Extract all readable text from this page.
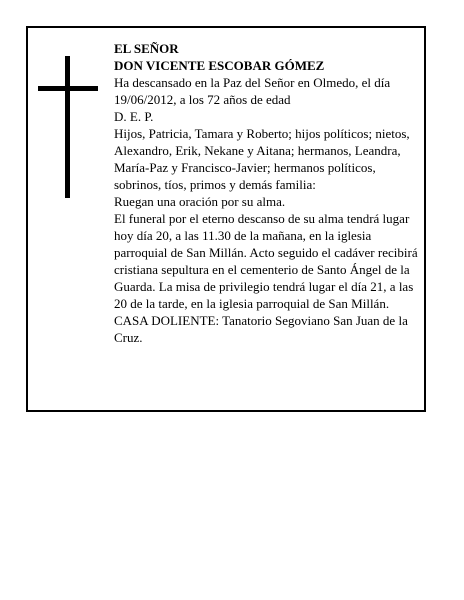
EL SEÑOR

DON VICENTE ESCOBAR GÓMEZ

Ha descansado en la Paz del Señor en Olmedo, el día 19/06/2012, a los 72 años de edad

D. E. P.

Hijos, Patricia, Tamara y Roberto; hijos políticos; nietos, Alexandro, Erik, Nekane y Aitana; hermanos, Leandra, María-Paz y Francisco-Javier; hermanos políticos, sobrinos, tíos, primos y demás familia:

Ruegan una oración por su alma.

El funeral por el eterno descanso de su alma tendrá lugar hoy día 20, a las 11.30 de la mañana, en la iglesia parroquial de San Millán. Acto seguido el cadáver recibirá cristiana sepultura en el cementerio de Santo Ángel de la Guarda. La misa de privilegio tendrá lugar el día 21, a las 20 de la tarde, en la iglesia parroquial de San Millán.

CASA DOLIENTE: Tanatorio Segoviano San Juan de la Cruz.
